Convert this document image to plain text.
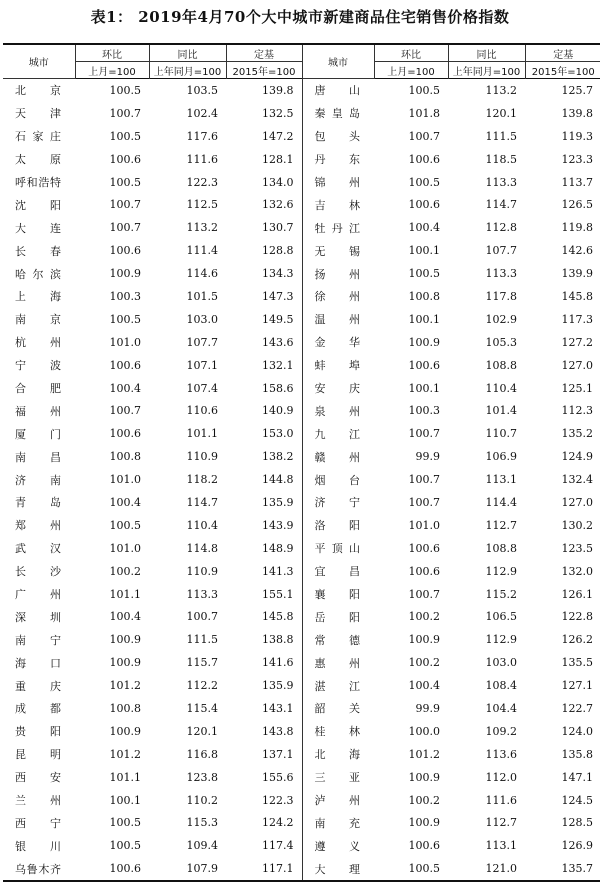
表1： 2019年4月70个大中城市新建商品住宅销售价格指数
城市	环比	同比	定基	城市	环比	同比	定基
	上月=100	上年同月=100	2015年=100		上月=100	上年同月=100	2015年=100
北　京	100.5	103.5	139.8	唐　山	100.5	113.2	125.7
天　津	100.7	102.4	132.5	秦皇岛	101.8	120.1	139.8
石家庄	100.5	117.6	147.2	包　头	100.7	111.5	119.3
太　原	100.6	111.6	128.1	丹　东	100.6	118.5	123.3
呼和浩特	100.5	122.3	134.0	锦　州	100.5	113.3	113.7
沈　阳	100.7	112.5	132.6	吉　林	100.6	114.7	126.5
大　连	100.7	113.2	130.7	牡丹江	100.4	112.8	119.8
长　春	100.6	111.4	128.8	无　锡	100.1	107.7	142.6
哈尔滨	100.9	114.6	134.3	扬　州	100.5	113.3	139.9
上　海	100.3	101.5	147.3	徐　州	100.8	117.8	145.8
南　京	100.5	103.0	149.5	温　州	100.1	102.9	117.3
杭　州	101.0	107.7	143.6	金　华	100.9	105.3	127.2
宁　波	100.6	107.1	132.1	蚌　埠	100.6	108.8	127.0
合　肥	100.4	107.4	158.6	安　庆	100.1	110.4	125.1
福　州	100.7	110.6	140.9	泉　州	100.3	101.4	112.3
厦　门	100.6	101.1	153.0	九　江	100.7	110.7	135.2
南　昌	100.8	110.9	138.2	赣　州	99.9	106.9	124.9
济　南	101.0	118.2	144.8	烟　台	100.7	113.1	132.4
青　岛	100.4	114.7	135.9	济　宁	100.7	114.4	127.0
郑　州	100.5	110.4	143.9	洛　阳	101.0	112.7	130.2
武　汉	101.0	114.8	148.9	平顶山	100.6	108.8	123.5
长　沙	100.2	110.9	141.3	宜　昌	100.6	112.9	132.0
广　州	101.1	113.3	155.1	襄　阳	100.7	115.2	126.1
深　圳	100.4	100.7	145.8	岳　阳	100.2	106.5	122.8
南　宁	100.9	111.5	138.8	常　德	100.9	112.9	126.2
海　口	100.9	115.7	141.6	惠　州	100.2	103.0	135.5
重　庆	101.2	112.2	135.9	湛　江	100.4	108.4	127.1
成　都	100.8	115.4	143.1	韶　关	99.9	104.4	122.7
贵　阳	100.9	120.1	143.8	桂　林	100.0	109.2	124.0
昆　明	101.2	116.8	137.1	北　海	101.2	113.6	135.8
西　安	101.1	123.8	155.6	三　亚	100.9	112.0	147.1
兰　州	100.1	110.2	122.3	泸　州	100.2	111.6	124.5
西　宁	100.5	115.3	124.2	南　充	100.9	112.7	128.5
银　川	100.5	109.4	117.4	遵　义	100.6	113.1	126.9
乌鲁木齐	100.6	107.9	117.1	大　理	100.5	121.0	135.7
